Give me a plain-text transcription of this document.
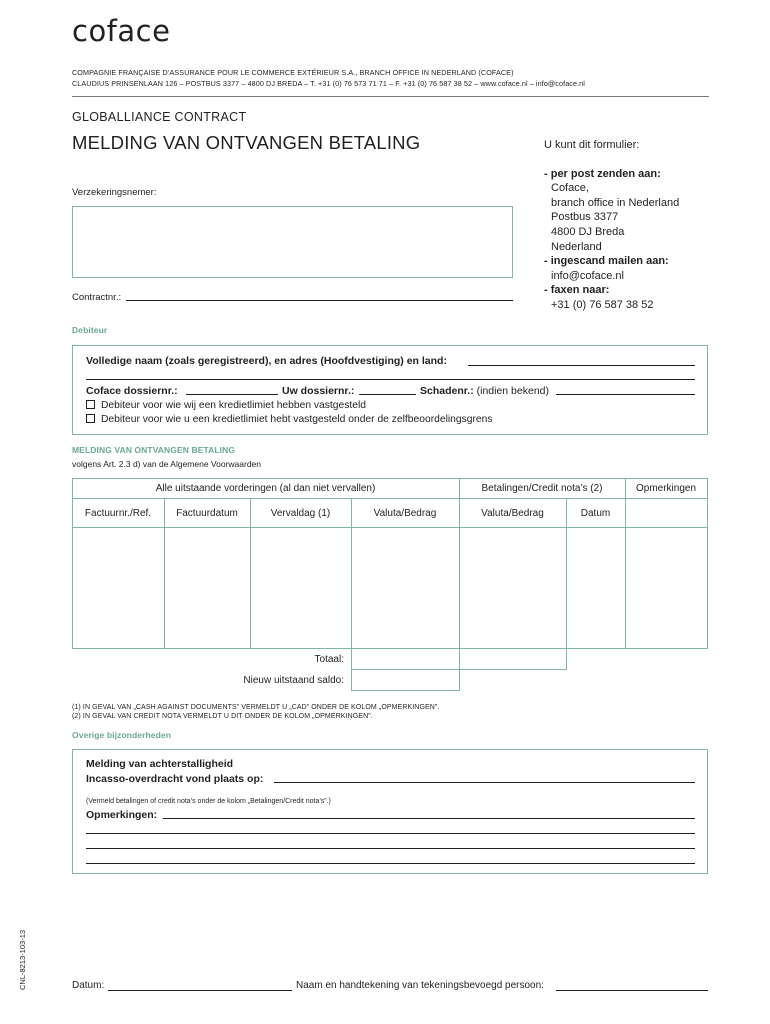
coface
COMPAGNIE FRANÇAISE D’ASSURANCE POUR LE COMMERCE EXTÉRIEUR S.A., BRANCH OFFICE IN NEDERLAND (COFACE)
CLAUDIUS PRINSENLAAN 126 – POSTBUS 3377 – 4800 DJ BREDA – T. +31 (0) 76 573 71 71 – F. +31 (0) 76 587 38 52 – www.coface.nl – info@coface.nl
GLOBALLIANCE CONTRACT
MELDING VAN ONTVANGEN BETALING	U kunt dit formulier:
- per post zenden aan:
Coface,
branch office in Nederland
Postbus 3377
4800 DJ Breda
Nederland
- ingescand mailen aan:
info@coface.nl
- faxen naar:
+31 (0) 76 587 38 52
Verzekeringsnemer:
Contractnr.:
Debiteur
Volledige naam (zoals geregistreerd), en adres (Hoofdvestiging) en land:
Coface dossiernr.:	Uw dossiernr.:	Schadenr.: (indien bekend)
Debiteur voor wie wij een kredietlimiet hebben vastgesteld
Debiteur voor wie u een kredietlimiet hebt vastgesteld onder de zelfbeoordelingsgrens
MELDING VAN ONTVANGEN BETALING
volgens Art. 2.3 d) van de Algemene Voorwaarden
Alle uitstaande vorderingen (al dan niet vervallen)	Betalingen/Credit nota’s (2)	Opmerkingen
Factuurnr./Ref.	Factuurdatum	Vervaldag (1)	Valuta/Bedrag	Valuta/Bedrag	Datum
Totaal:
Nieuw uitstaand saldo:
(1) IN GEVAL VAN „CASH AGAINST DOCUMENTS” VERMELDT U „CAD” ONDER DE KOLOM „OPMERKINGEN”.
(2) IN GEVAL VAN CREDIT NOTA VERMELDT U DIT ONDER DE KOLOM „OPMERKINGEN”.
Overige bijzonderheden
Melding van achterstalligheid
Incasso-overdracht vond plaats op:
(Vermeld betalingen of credit nota’s onder de kolom „Betalingen/Credit nota’s”.)
Opmerkingen:
CNL-8213-103-13	Datum:	Naam en handtekening van tekeningsbevoegd persoon:
